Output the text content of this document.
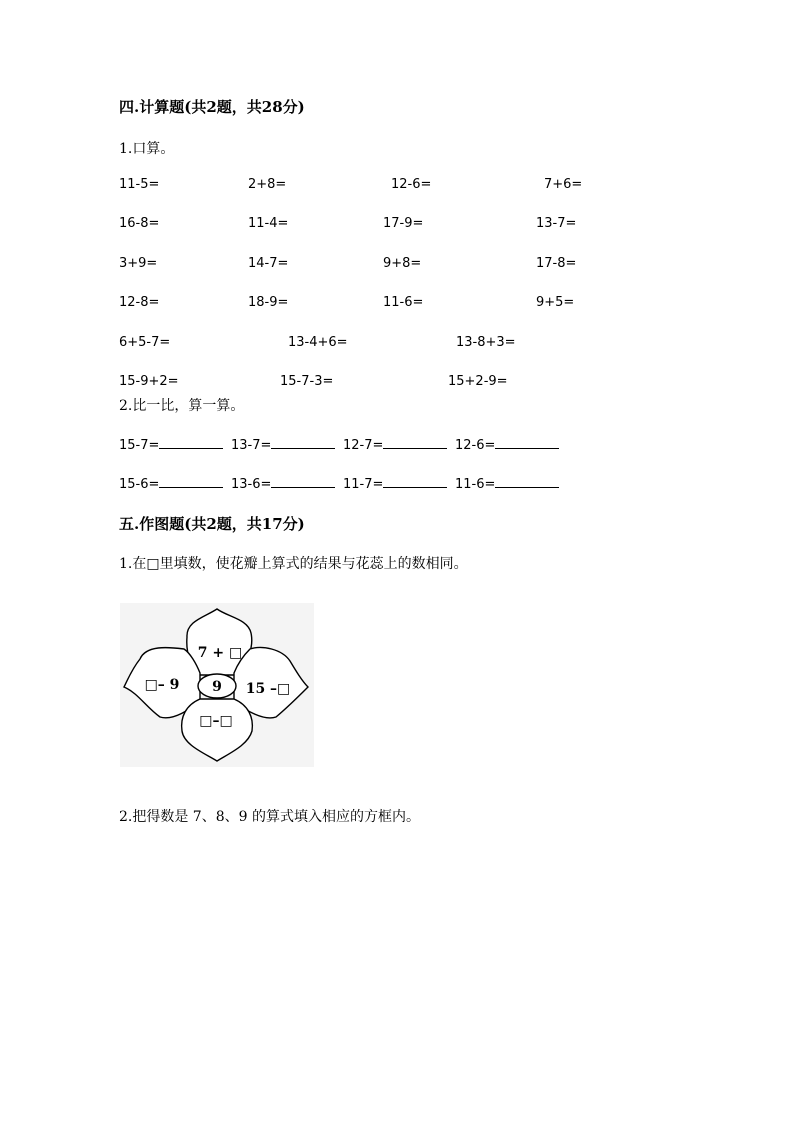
四.计算题(共2题，共28分)
1.口算。
11-5=	2+8=	12-6=	7+6=
16-8=	11-4=	17-9=	13-7=
3+9=	14-7=	9+8=	17-8=
12-8=	18-9=	11-6=	9+5=
6+5-7=	13-4+6=	13-8+3=
15-9+2=	15-7-3=	15+2-9=
2.比一比，算一算。
15-7=	13-7=	12-7=	12-6=
15-6=	13-6=	11-7=	11-6=
五.作图题(共2题，共17分)
1.在□里填数，使花瓣上算式的结果与花蕊上的数相同。
9
7 + □
□– 9	15 –□
□–□
2.把得数是 7、8、9 的算式填入相应的方框内。
